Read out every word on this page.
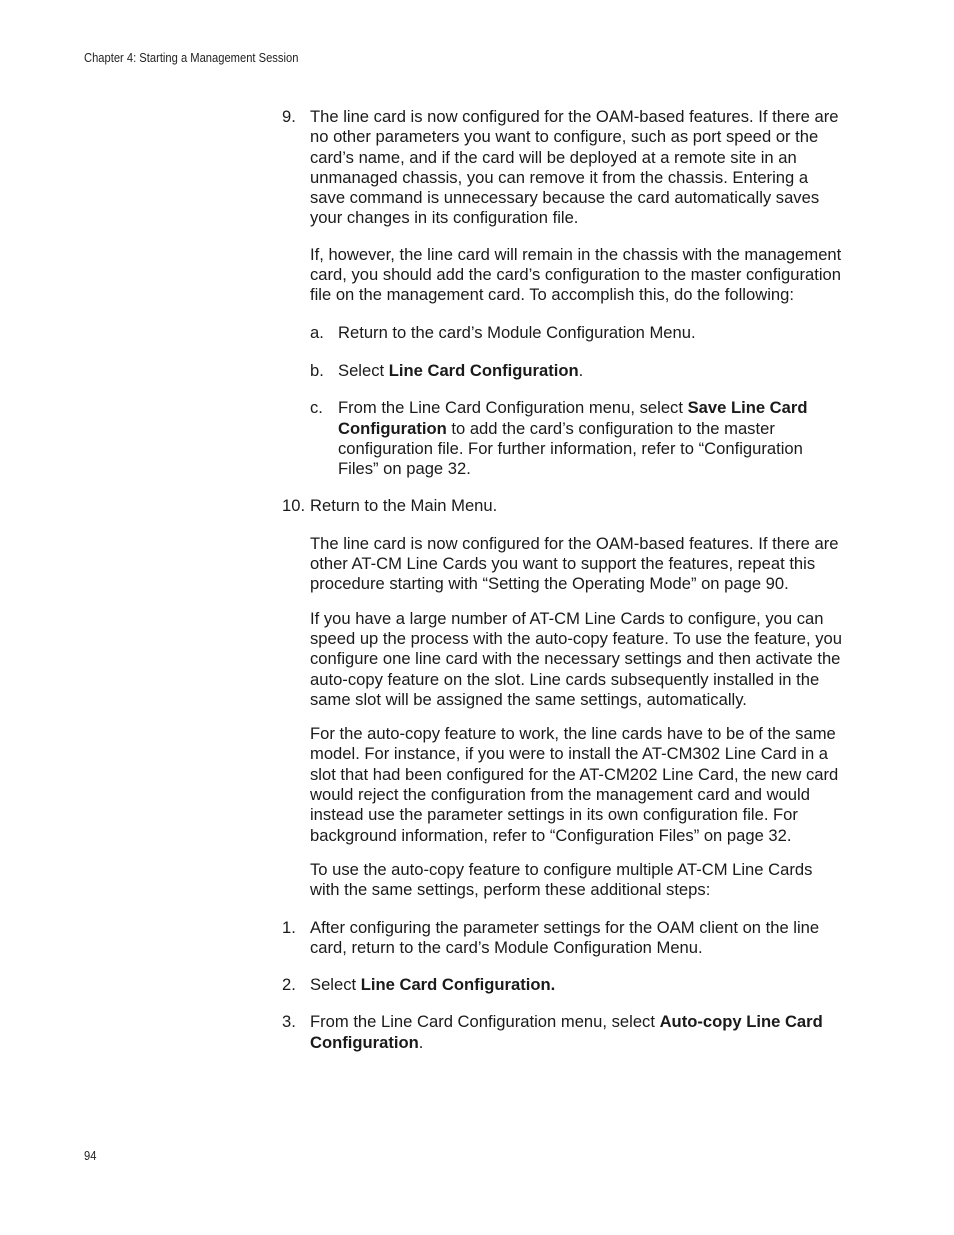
Chapter 4: Starting a Management Session
9. The line card is now configured for the OAM-based features. If there are no other parameters you want to configure, such as port speed or the card’s name, and if the card will be deployed at a remote site in an unmanaged chassis, you can remove it from the chassis. Entering a save command is unnecessary because the card automatically saves your changes in its configuration file.

If, however, the line card will remain in the chassis with the management card, you should add the card’s configuration to the master configuration file on the management card. To accomplish this, do the following:

a. Return to the card’s Module Configuration Menu.
b. Select Line Card Configuration.
c. From the Line Card Configuration menu, select Save Line Card Configuration to add the card’s configuration to the master configuration file. For further information, refer to “Configuration Files” on page 32.
10. Return to the Main Menu.

The line card is now configured for the OAM-based features. If there are other AT-CM Line Cards you want to support the features, repeat this procedure starting with “Setting the Operating Mode” on page 90.

If you have a large number of AT-CM Line Cards to configure, you can speed up the process with the auto-copy feature. To use the feature, you configure one line card with the necessary settings and then activate the auto-copy feature on the slot. Line cards subsequently installed in the same slot will be assigned the same settings, automatically.

For the auto-copy feature to work, the line cards have to be of the same model. For instance, if you were to install the AT-CM302 Line Card in a slot that had been configured for the AT-CM202 Line Card, the new card would reject the configuration from the management card and would instead use the parameter settings in its own configuration file. For background information, refer to “Configuration Files” on page 32.

To use the auto-copy feature to configure multiple AT-CM Line Cards with the same settings, perform these additional steps:

1. After configuring the parameter settings for the OAM client on the line card, return to the card’s Module Configuration Menu.
2. Select Line Card Configuration.
3. From the Line Card Configuration menu, select Auto-copy Line Card Configuration.
94
